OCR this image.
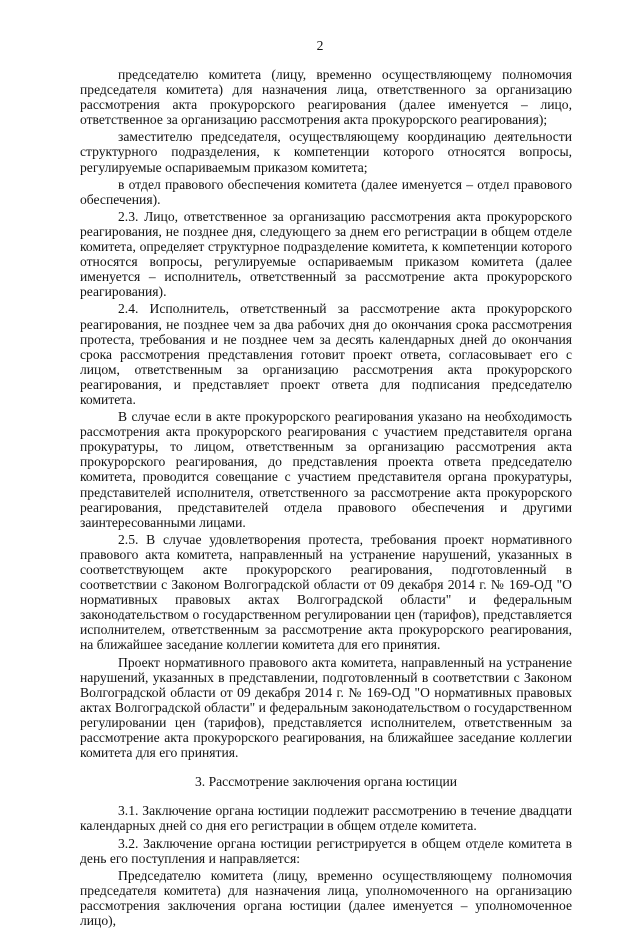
2

председателю комитета (лицу, временно осуществляющему полномочия председателя комитета) для назначения лица, ответственного за организацию рассмотрения акта прокурорского реагирования (далее именуется – лицо, ответственное за организацию рассмотрения акта прокурорского реагирования);

заместителю председателя, осуществляющему координацию деятельности структурного подразделения, к компетенции которого относятся вопросы, регулируемые оспариваемым приказом комитета;

в отдел правового обеспечения комитета (далее именуется – отдел правового обеспечения).

2.3. Лицо, ответственное за организацию рассмотрения акта прокурорского реагирования, не позднее дня, следующего за днем его регистрации в общем отделе комитета, определяет структурное подразделение комитета, к компетенции которого относятся вопросы, регулируемые оспариваемым приказом комитета (далее именуется – исполнитель, ответственный за рассмотрение акта прокурорского реагирования).

2.4. Исполнитель, ответственный за рассмотрение акта прокурорского реагирования, не позднее чем за два рабочих дня до окончания срока рассмотрения протеста, требования и не позднее чем за десять календарных дней до окончания срока рассмотрения представления готовит проект ответа, согласовывает его с лицом, ответственным за организацию рассмотрения акта прокурорского реагирования, и представляет проект ответа для подписания председателю комитета.

В случае если в акте прокурорского реагирования указано на необходимость рассмотрения акта прокурорского реагирования с участием представителя органа прокуратуры, то лицом, ответственным за организацию рассмотрения акта прокурорского реагирования, до представления проекта ответа председателю комитета, проводится совещание с участием представителя органа прокуратуры, представителей исполнителя, ответственного за рассмотрение акта прокурорского реагирования, представителей отдела правового обеспечения и другими заинтересованными лицами.

2.5. В случае удовлетворения протеста, требования проект нормативного правового акта комитета, направленный на устранение нарушений, указанных в соответствующем акте прокурорского реагирования, подготовленный в соответствии с Законом Волгоградской области от 09 декабря 2014 г. № 169-ОД "О нормативных правовых актах Волгоградской области" и федеральным законодательством о государственном регулировании цен (тарифов), представляется исполнителем, ответственным за рассмотрение акта прокурорского реагирования, на ближайшее заседание коллегии комитета для его принятия.

Проект нормативного правового акта комитета, направленный на устранение нарушений, указанных в представлении, подготовленный в соответствии с Законом Волгоградской области от 09 декабря 2014 г. № 169-ОД "О нормативных правовых актах Волгоградской области" и федеральным законодательством о государственном регулировании цен (тарифов), представляется исполнителем, ответственным за рассмотрение акта прокурорского реагирования, на ближайшее заседание коллегии комитета для его принятия.

3. Рассмотрение заключения органа юстиции

3.1. Заключение органа юстиции подлежит рассмотрению в течение двадцати календарных дней со дня его регистрации в общем отделе комитета.

3.2. Заключение органа юстиции регистрируется в общем отделе комитета в день его поступления и направляется:

Председателю комитета (лицу, временно осуществляющему полномочия председателя комитета) для назначения лица, уполномоченного на организацию рассмотрения заключения органа юстиции (далее именуется – уполномоченное лицо),
